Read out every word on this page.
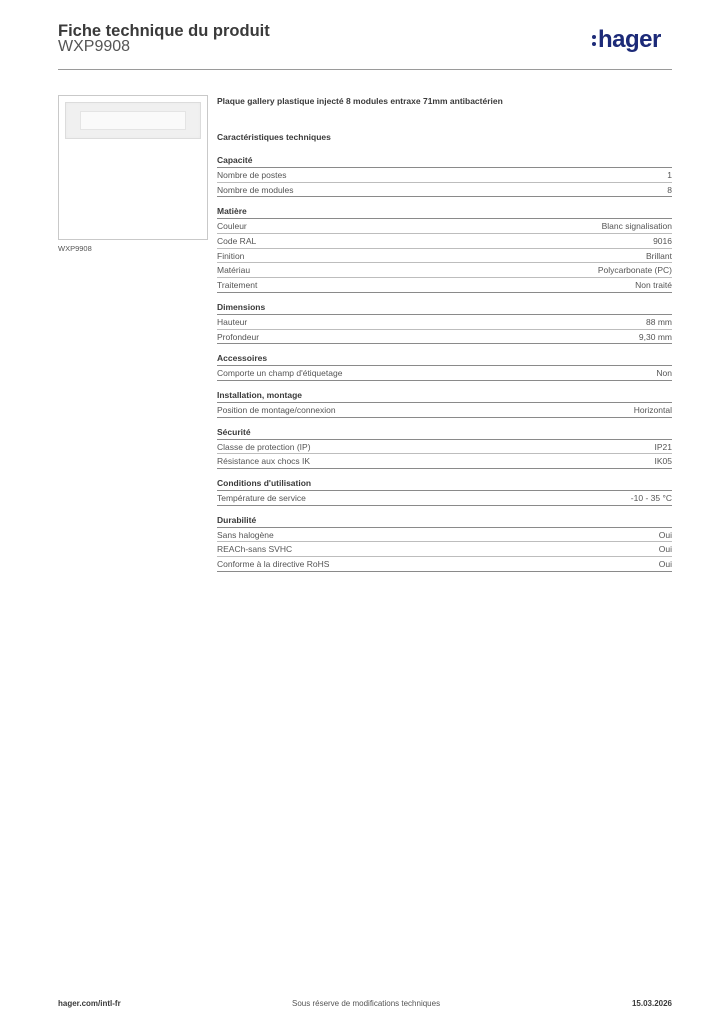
Fiche technique du produit
WXP9908	hager
WXP9908
Plaque gallery plastique injecté 8 modules entraxe 71mm antibactérien
Caractéristiques techniques
Capacité
Nombre de postes	1
Nombre de modules	8
Matière
Couleur	Blanc signalisation
Code RAL	9016
Finition	Brillant
Matériau	Polycarbonate (PC)
Traitement	Non traité
Dimensions
Hauteur	88 mm
Profondeur	9,30 mm
Accessoires
Comporte un champ d'étiquetage	Non
Installation, montage
Position de montage/connexion	Horizontal
Sécurité
Classe de protection (IP)	IP21
Résistance aux chocs IK	IK05
Conditions d'utilisation
Température de service	-10 - 35 °C
Durabilité
Sans halogène	Oui
REACh-sans SVHC	Oui
Conforme à la directive RoHS	Oui
hager.com/intl-fr	Sous réserve de modifications techniques	15.03.2026
